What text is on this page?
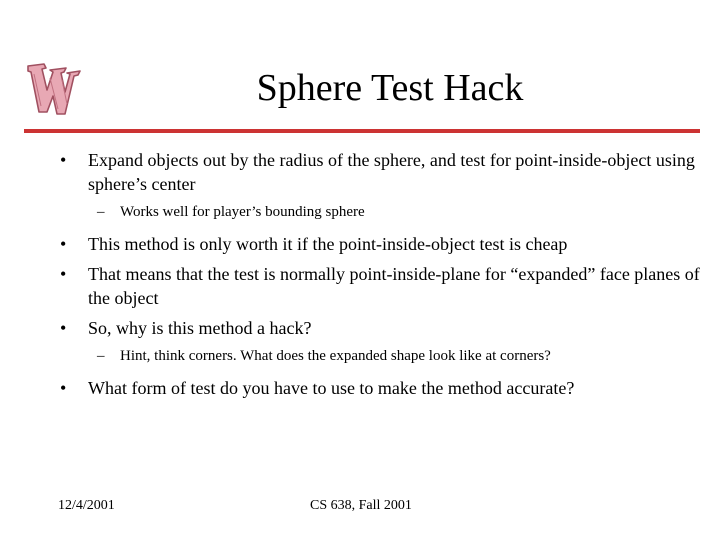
Sphere Test Hack
• Expand objects out by the radius of the sphere, and test for point-inside-object using sphere’s center
– Works well for player’s bounding sphere
• This method is only worth it if the point-inside-object test is cheap
• That means that the test is normally point-inside-plane for “expanded” face planes of the object
• So, why is this method a hack?
– Hint, think corners. What does the expanded shape look like at corners?
• What form of test do you have to use to make the method accurate?
12/4/2001	CS 638, Fall 2001
